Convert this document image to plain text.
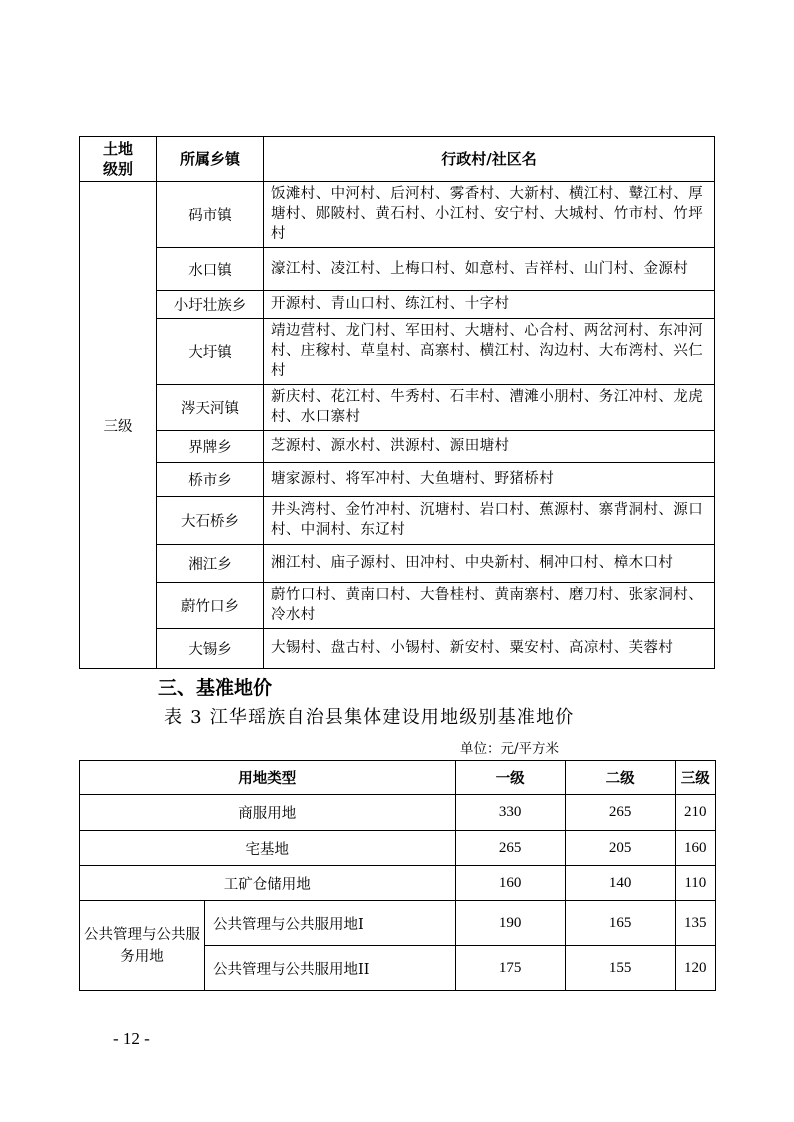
土地
级别	所属乡镇	行政村/社区名
三级	码市镇	饭滩村、中河村、后河村、雾香村、大新村、横江村、鼙江村、厚塘村、郧陂村、黄石村、小江村、安宁村、大城村、竹市村、竹坪村
	水口镇	濠江村、凌江村、上梅口村、如意村、吉祥村、山门村、金源村
	小圩壮族乡	开源村、青山口村、练江村、十字村
	大圩镇	靖边营村、龙门村、军田村、大塘村、心合村、两岔河村、东冲河村、庄稼村、草皇村、高寨村、横江村、沟边村、大布湾村、兴仁村
	涔天河镇	新庆村、花江村、牛秀村、石丰村、漕滩小朋村、务江冲村、龙虎村、水口寨村
	界牌乡	芝源村、源水村、洪源村、源田塘村
	桥市乡	塘家源村、将军冲村、大鱼塘村、野猪桥村
	大石桥乡	井头湾村、金竹冲村、沉塘村、岩口村、蕉源村、寨背洞村、源口村、中洞村、东辽村
	湘江乡	湘江村、庙子源村、田冲村、中央新村、桐冲口村、樟木口村
	蔚竹口乡	蔚竹口村、黄南口村、大鲁桂村、黄南寨村、磨刀村、张家洞村、冷水村
	大锡乡	大锡村、盘古村、小锡村、新安村、粟安村、高凉村、芙蓉村
三、基准地价
表 3 江华瑶族自治县集体建设用地级别基准地价
单位：元/平方米
用地类型		一级	二级	三级
商服用地		330	265	210
宅基地		265	205	160
工矿仓储用地		160	140	110
公共管理与公共服务用地	公共管理与公共服用地I	190	165	135
	公共管理与公共服用地II	175	155	120
- 12 -
